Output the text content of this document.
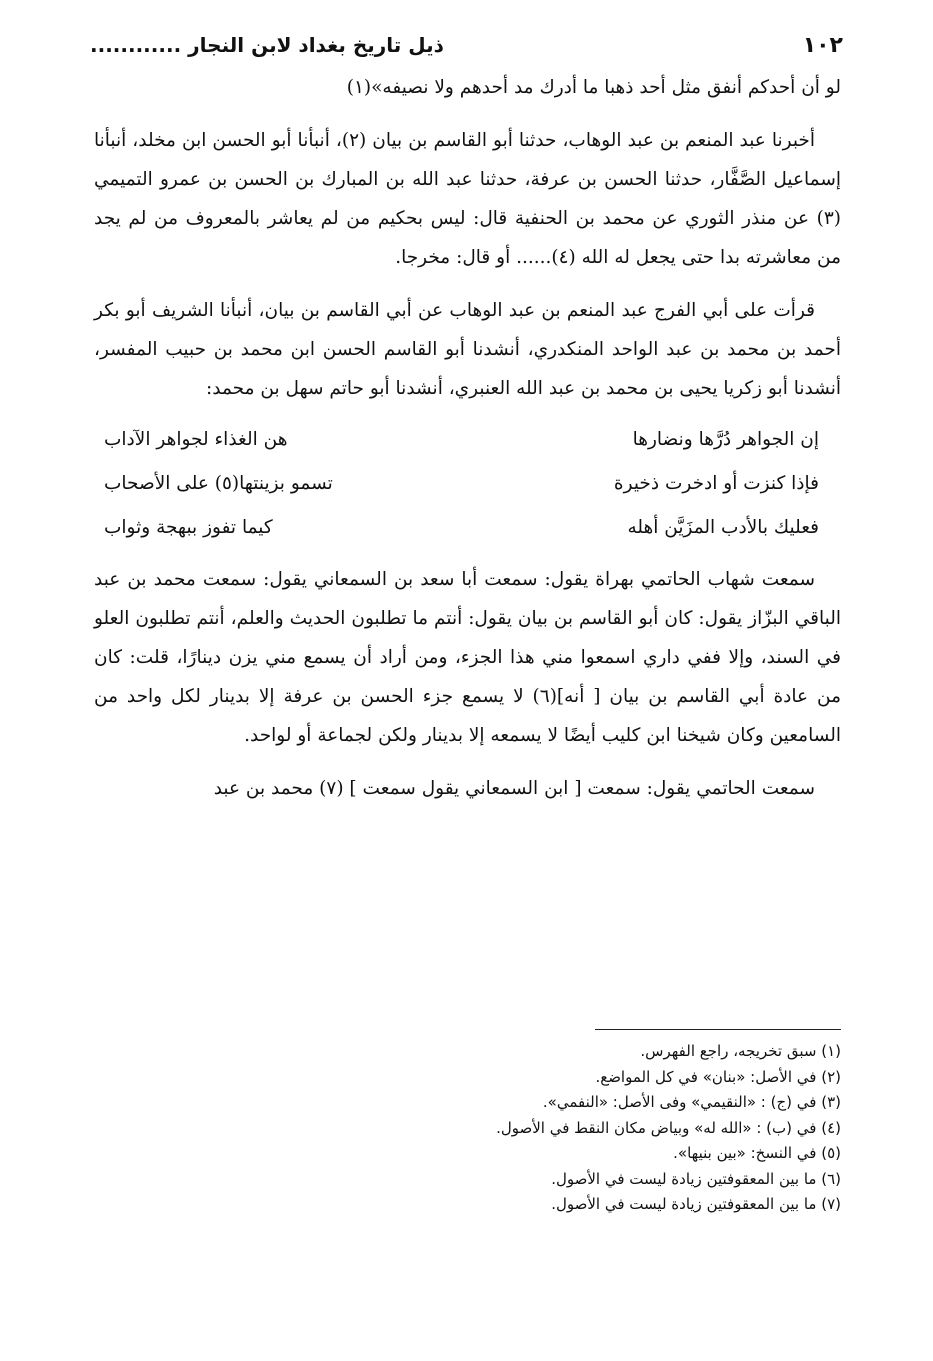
١٠٢
ذيل تاريخ بغداد لابن النجار ............

لو أن أحدكم أنفق مثل أحد ذهبا ما أدرك مد أحدهم ولا نصيفه»(١)

أخبرنا عبد المنعم بن عبد الوهاب، حدثنا أبو القاسم بن بيان (٢)، أنبأنا أبو الحسن ابن مخلد، أنبأنا إسماعيل الصَّفَّار، حدثنا الحسن بن عرفة، حدثنا عبد الله بن المبارك بن الحسن بن عمرو التميمي (٣) عن منذر الثوري عن محمد بن الحنفية قال: ليس بحكيم من لم يعاشر بالمعروف من لم يجد من معاشرته بدا حتى يجعل له الله (٤)...... أو قال: مخرجا.

قرأت على أبي الفرج عبد المنعم بن عبد الوهاب عن أبي القاسم بن بيان، أنبأنا الشريف أبو بكر أحمد بن محمد بن عبد الواحد المنكدري، أنشدنا أبو القاسم الحسن ابن محمد بن حبيب المفسر، أنشدنا أبو زكريا يحيى بن محمد بن عبد الله العنبري، أنشدنا أبو حاتم سهل بن محمد:

إن الجواهر دُرَّها ونضارها
هن الغذاء لجواهر الآداب
فإذا كنزت أو ادخرت ذخيرة
تسمو بزينتها(٥) على الأصحاب
فعليك بالأدب المزَيَّن أهله
كيما تفوز ببهجة وثواب

سمعت شهاب الحاتمي بهراة يقول: سمعت أبا سعد بن السمعاني يقول: سمعت محمد بن عبد الباقي البزّاز يقول: كان أبو القاسم بن بيان يقول: أنتم ما تطلبون الحديث والعلم، أنتم تطلبون العلو في السند، وإلا ففي داري اسمعوا مني هذا الجزء، ومن أراد أن يسمع مني يزن دينارًا، قلت: كان من عادة أبي القاسم بن بيان [ أنه](٦) لا يسمع جزء الحسن بن عرفة إلا بدينار لكل واحد من السامعين وكان شيخنا ابن كليب أيضًا لا يسمعه إلا بدينار ولكن لجماعة أو لواحد.

سمعت الحاتمي يقول: سمعت [ ابن السمعاني يقول سمعت ] (٧) محمد بن عبد

(١) سبق تخريجه، راجع الفهرس.
(٢) في الأصل: «بنان» في كل المواضع.
(٣) في (ج) : «النقيمي» وفى الأصل: «النفمي».
(٤) في (ب) : «الله له» وبياض مكان النقط في الأصول.
(٥) في النسخ: «بين بنيها».
(٦) ما بين المعقوفتين زيادة ليست في الأصول.
(٧) ما بين المعقوفتين زيادة ليست في الأصول.
